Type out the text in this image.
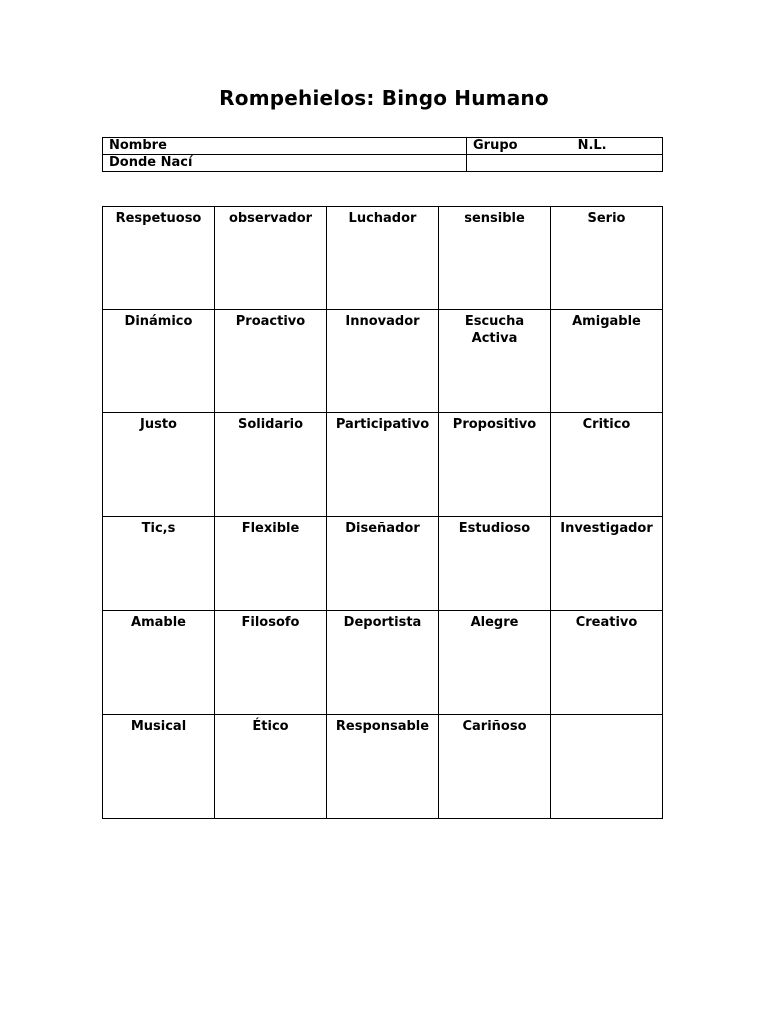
Rompehielos: Bingo Humano
Nombre	Grupo N.L.
Donde Nací	
Respetuoso	observador	Luchador	sensible	Serio
Dinámico	Proactivo	Innovador	Escucha Activa	Amigable
Justo	Solidario	Participativo	Propositivo	Critico
Tic,s	Flexible	Diseñador	Estudioso	Investigador
Amable	Filosofo	Deportista	Alegre	Creativo
Musical	Ético	Responsable	Cariñoso	
